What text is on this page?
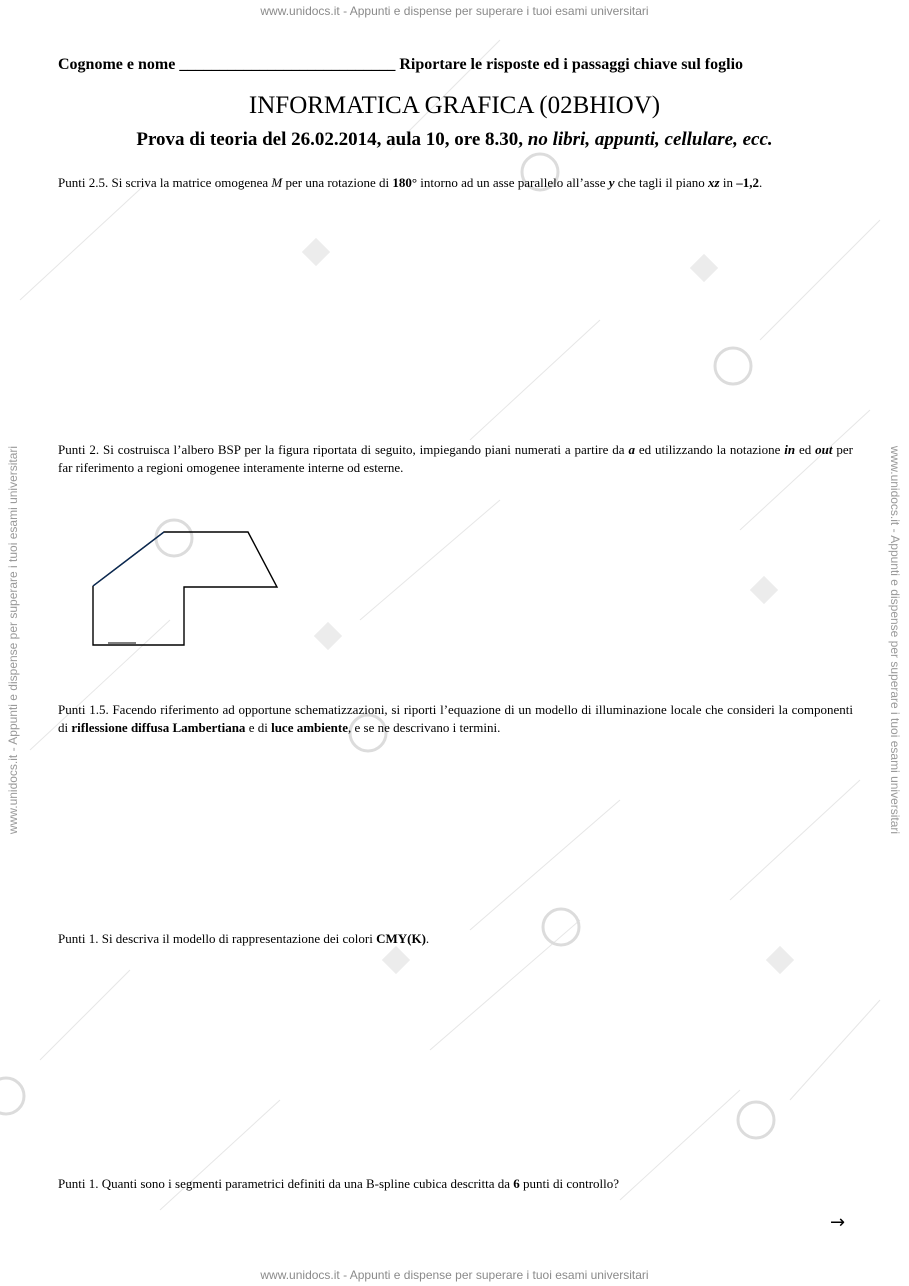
www.unidocs.it - Appunti e dispense per superare i tuoi esami universitari
www.unidocs.it - Appunti e dispense per superare i tuoi esami universitari
www.unidocs.it - Appunti e dispense per superare i tuoi esami universitari	www.unidocs.it - Appunti e dispense per superare i tuoi esami universitari
Cognome e nome ___________________________ Riportare le risposte ed i passaggi chiave sul foglio
INFORMATICA GRAFICA (02BHIOV)
Prova di teoria del 26.02.2014, aula 10, ore 8.30, no libri, appunti, cellulare, ecc.
Punti 2.5. Si scriva la matrice omogenea M per una rotazione di 180° intorno ad un asse parallelo all’asse y che tagli il piano xz in –1,2.
Punti 2. Si costruisca l’albero BSP per la figura riportata di seguito, impiegando piani numerati a partire da a ed utilizzando la notazione in ed out per far riferimento a regioni omogenee interamente interne od esterne.
Punti 1.5. Facendo riferimento ad opportune schematizzazioni, si riporti l’equazione di un modello di illuminazione locale che consideri la componenti di riflessione diffusa Lambertiana e di luce ambiente, e se ne descrivano i termini.
Punti 1. Si descriva il modello di rappresentazione dei colori CMY(K).
Punti 1. Quanti sono i segmenti parametrici definiti da una B-spline cubica descritta da 6 punti di controllo?
→
